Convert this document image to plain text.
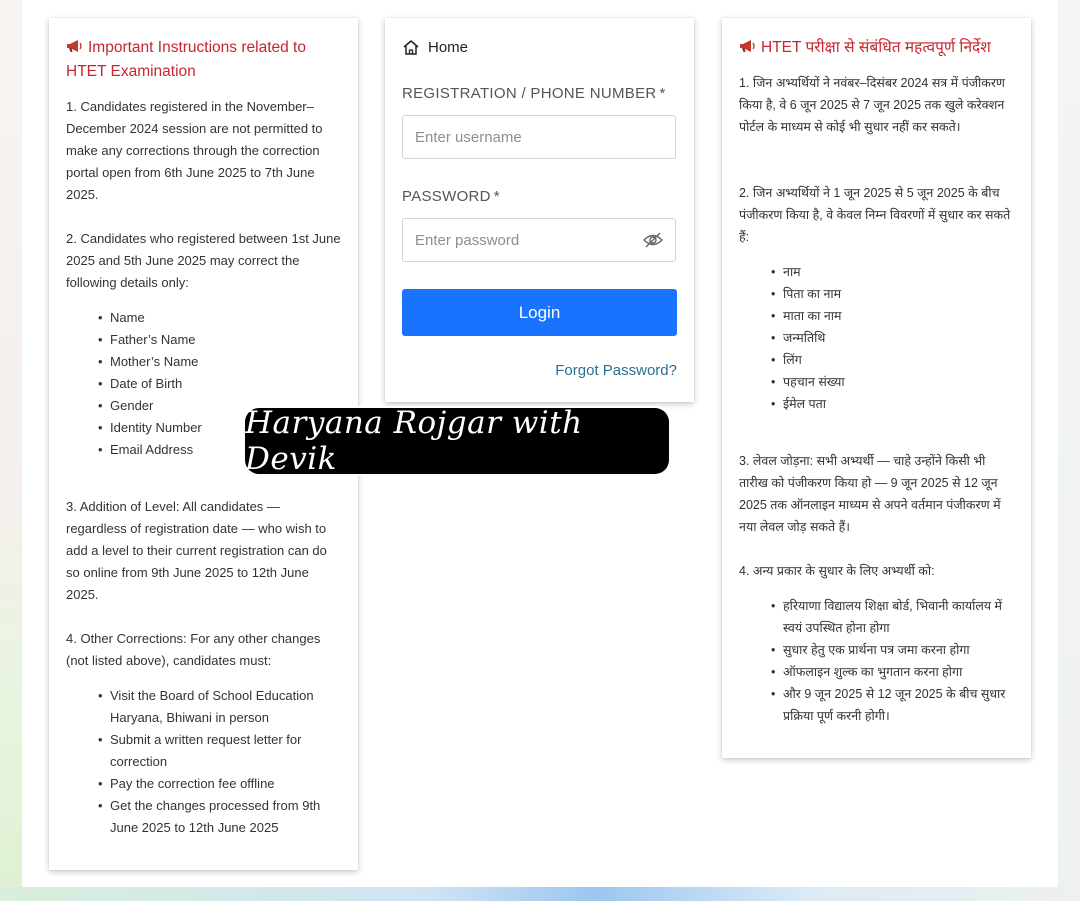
Important Instructions related to HTET Examination
1. Candidates registered in the November–December 2024 session are not permitted to make any corrections through the correction portal open from 6th June 2025 to 7th June 2025.
2. Candidates who registered between 1st June 2025 and 5th June 2025 may correct the following details only:
• Name
• Father’s Name
• Mother’s Name
• Date of Birth
• Gender
• Identity Number
• Email Address
3. Addition of Level: All candidates — regardless of registration date — who wish to add a level to their current registration can do so online from 9th June 2025 to 12th June 2025.
4. Other Corrections: For any other changes (not listed above), candidates must:
• Visit the Board of School Education Haryana, Bhiwani in person
• Submit a written request letter for correction
• Pay the correction fee offline
• Get the changes processed from 9th June 2025 to 12th June 2025
Home
REGISTRATION / PHONE NUMBER *
Enter username
PASSWORD *
Login
Forgot Password?
HTET परीक्षा से संबंधित महत्वपूर्ण निर्देश
1. जिन अभ्यर्थियों ने नवंबर–दिसंबर 2024 सत्र में पंजीकरण किया है, वे 6 जून 2025 से 7 जून 2025 तक खुले करेक्शन पोर्टल के माध्यम से कोई भी सुधार नहीं कर सकते।
2. जिन अभ्यर्थियों ने 1 जून 2025 से 5 जून 2025 के बीच पंजीकरण किया है, वे केवल निम्न विवरणों में सुधार कर सकते हैं:
• नाम
• पिता का नाम
• माता का नाम
• जन्मतिथि
• लिंग
• पहचान संख्या
• ईमेल पता
3. लेवल जोड़ना: सभी अभ्यर्थी — चाहे उन्होंने किसी भी तारीख को पंजीकरण किया हो — 9 जून 2025 से 12 जून 2025 तक ऑनलाइन माध्यम से अपने वर्तमान पंजीकरण में नया लेवल जोड़ सकते हैं।
4. अन्य प्रकार के सुधार के लिए अभ्यर्थी को:
• हरियाणा विद्यालय शिक्षा बोर्ड, भिवानी कार्यालय में स्वयं उपस्थित होना होगा
• सुधार हेतु एक प्रार्थना पत्र जमा करना होगा
• ऑफलाइन शुल्क का भुगतान करना होगा
• और 9 जून 2025 से 12 जून 2025 के बीच सुधार प्रक्रिया पूर्ण करनी होगी।
Haryana Rojgar with Devik
